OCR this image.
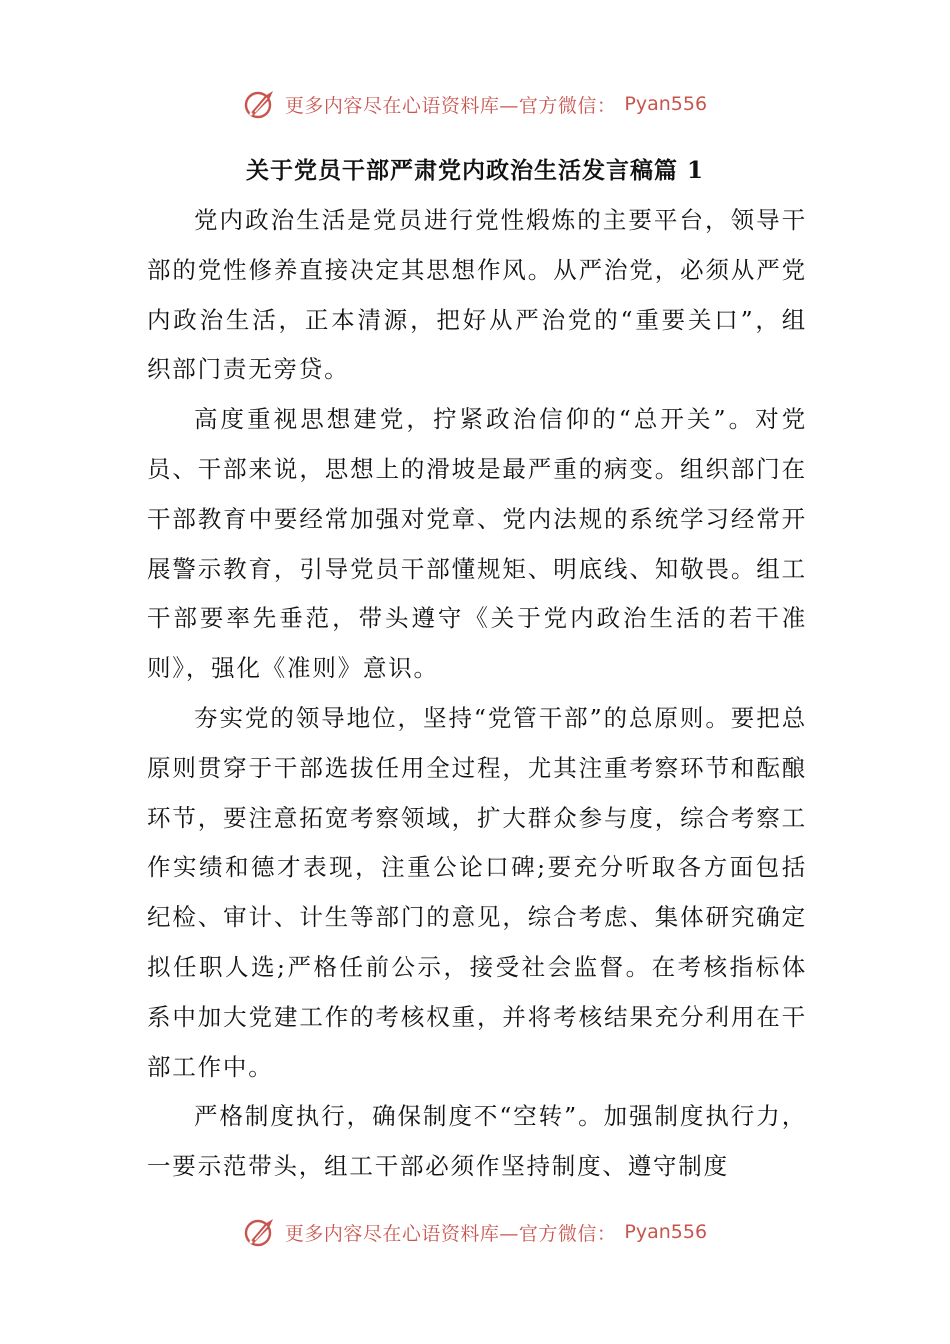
更多内容尽在心语资料库—官方微信： Pyan556
关于党员干部严肃党内政治生活发言稿篇 1

党内政治生活是党员进行党性煅炼的主要平台，领导干部的党性修养直接决定其思想作风。从严治党，必须从严党内政治生活，正本清源，把好从严治党的“重要关口”，组织部门责无旁贷。

高度重视思想建党，拧紧政治信仰的“总开关”。对党员、干部来说，思想上的滑坡是最严重的病变。组织部门在干部教育中要经常加强对党章、党内法规的系统学习经常开展警示教育，引导党员干部懂规矩、明底线、知敬畏。组工干部要率先垂范，带头遵守《关于党内政治生活的若干准则》，强化《准则》意识。

夯实党的领导地位，坚持“党管干部”的总原则。要把总原则贯穿于干部选拔任用全过程，尤其注重考察环节和酝酿环节，要注意拓宽考察领域，扩大群众参与度，综合考察工作实绩和德才表现，注重公论口碑;要充分听取各方面包括纪检、审计、计生等部门的意见，综合考虑、集体研究确定拟任职人选;严格任前公示，接受社会监督。在考核指标体系中加大党建工作的考核权重，并将考核结果充分利用在干部工作中。

严格制度执行，确保制度不“空转”。加强制度执行力，一要示范带头，组工干部必须作坚持制度、遵守制度

更多内容尽在心语资料库—官方微信： Pyan556
